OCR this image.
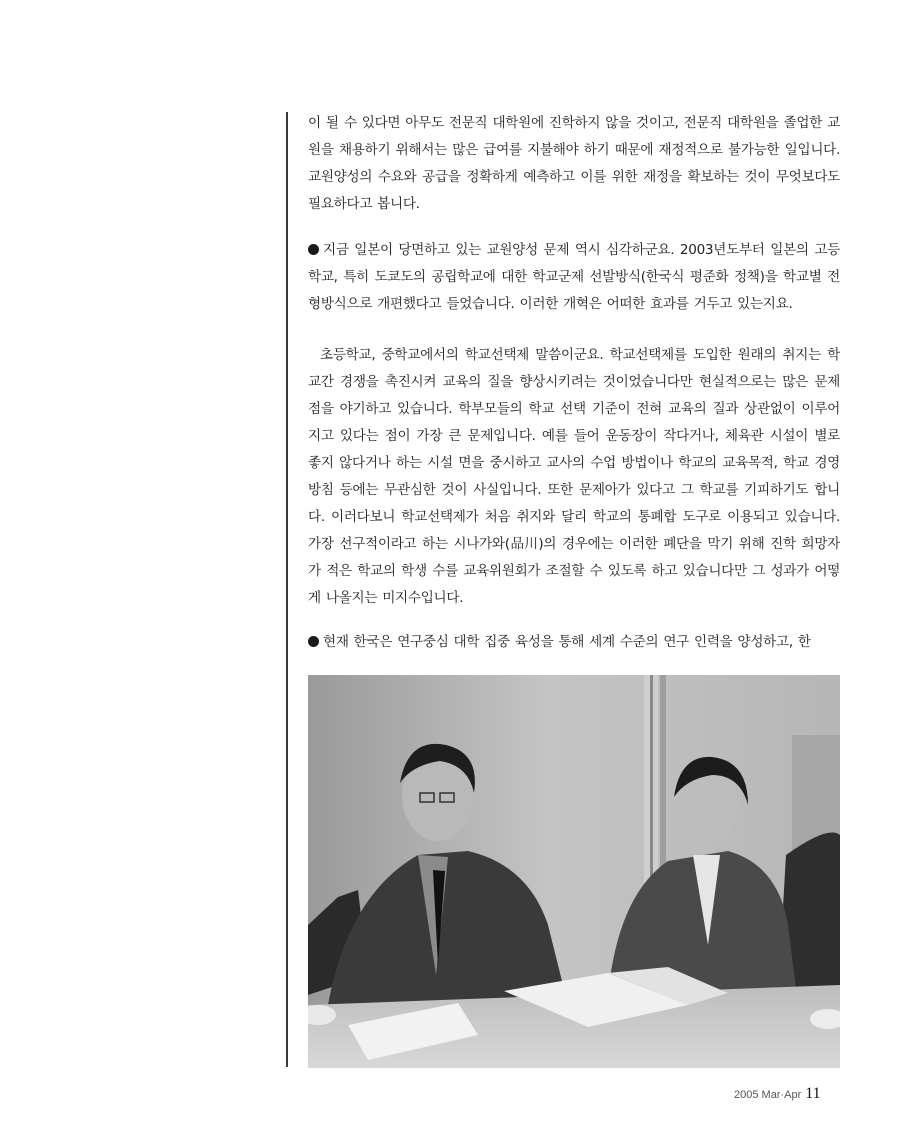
이 될 수 있다면 아무도 전문직 대학원에 진학하지 않을 것이고, 전문직 대학원을 졸업한 교원을 채용하기 위해서는 많은 급여를 지불해야 하기 때문에 재정적으로 불가능한 일입니다. 교원양성의 수요와 공급을 정확하게 예측하고 이를 위한 재정을 확보하는 것이 무엇보다도 필요하다고 봅니다.

지금 일본이 당면하고 있는 교원양성 문제 역시 심각하군요. 2003년도부터 일본의 고등학교, 특히 도쿄도의 공립학교에 대한 학교군제 선발방식(한국식 평준화 정책)을 학교별 전형방식으로 개편했다고 들었습니다. 이러한 개혁은 어떠한 효과를 거두고 있는지요.

초등학교, 중학교에서의 학교선택제 말씀이군요. 학교선택제를 도입한 원래의 취지는 학교간 경쟁을 촉진시켜 교육의 질을 향상시키려는 것이었습니다만 현실적으로는 많은 문제점을 야기하고 있습니다. 학부모들의 학교 선택 기준이 전혀 교육의 질과 상관없이 이루어지고 있다는 점이 가장 큰 문제입니다. 예를 들어 운동장이 작다거나, 체육관 시설이 별로 좋지 않다거나 하는 시설 면을 중시하고 교사의 수업 방법이나 학교의 교육목적, 학교 경영방침 등에는 무관심한 것이 사실입니다. 또한 문제아가 있다고 그 학교를 기피하기도 합니다. 이러다보니 학교선택제가 처음 취지와 달리 학교의 통폐합 도구로 이용되고 있습니다. 가장 선구적이라고 하는 시나가와(品川)의 경우에는 이러한 폐단을 막기 위해 진학 희망자가 적은 학교의 학생 수를 교육위원회가 조절할 수 있도록 하고 있습니다만 그 성과가 어떻게 나올지는 미지수입니다.

현재 한국은 연구중심 대학 집중 육성을 통해 세계 수준의 연구 인력을 양성하고, 한

2005 Mar·Apr 11
